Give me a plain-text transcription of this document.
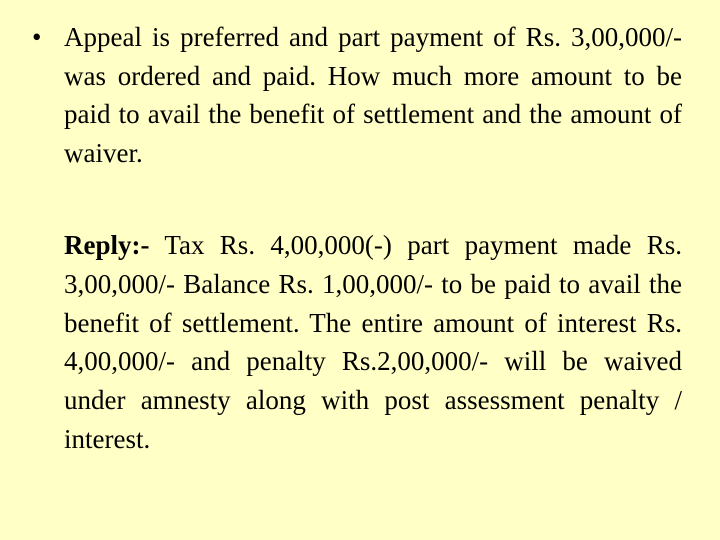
• Appeal is preferred and part payment of Rs. 3,00,000/- was ordered and paid. How much more amount to be paid to avail the benefit of settlement and the amount of waiver.

Reply:- Tax Rs. 4,00,000(-) part payment made Rs. 3,00,000/- Balance Rs. 1,00,000/- to be paid to avail the benefit of settlement. The entire amount of interest Rs. 4,00,000/- and penalty Rs.2,00,000/- will be waived under amnesty along with post assessment penalty / interest.
